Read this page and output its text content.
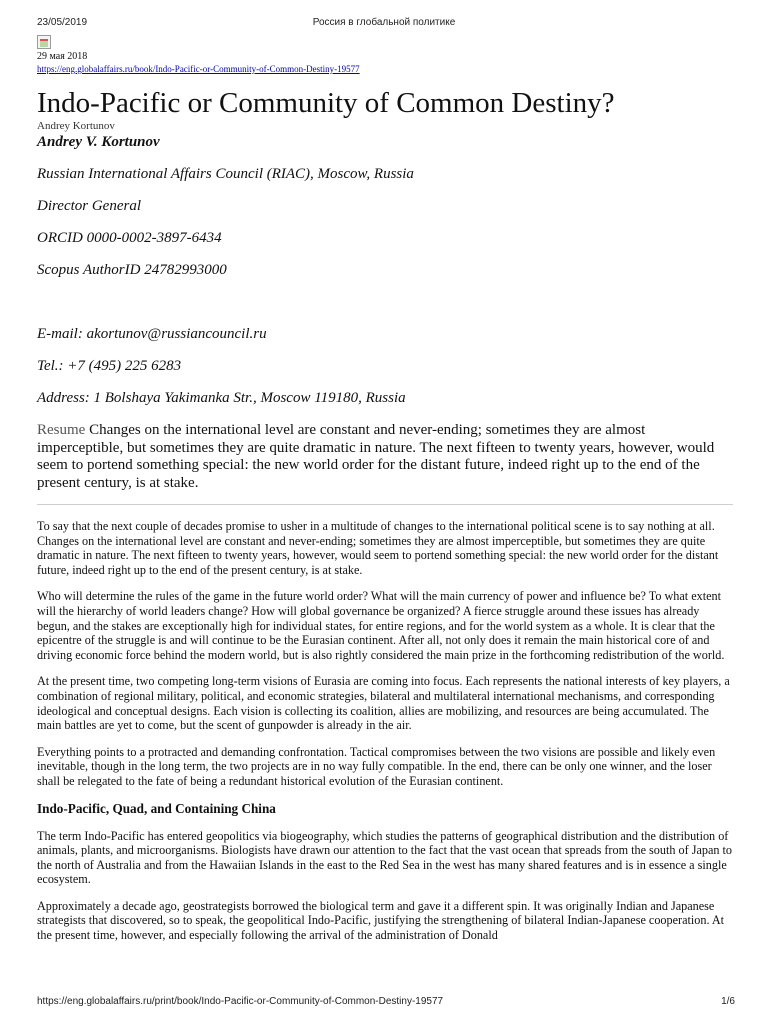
23/05/2019	Россия в глобальной политике
29 мая 2018
https://eng.globalaffairs.ru/book/Indo-Pacific-or-Community-of-Common-Destiny-19577
Indo-Pacific or Community of Common Destiny?
Andrey Kortunov
Andrey V. Kortunov

Russian International Affairs Council (RIAC), Moscow, Russia

Director General

ORCID 0000-0002-3897-6434

Scopus AuthorID 24782993000

E-mail: akortunov@russiancouncil.ru

Tel.: +7 (495) 225 6283

Address: 1 Bolshaya Yakimanka Str., Moscow 119180, Russia

Resume Changes on the international level are constant and never-ending; sometimes they are almost imperceptible, but sometimes they are quite dramatic in nature. The next fifteen to twenty years, however, would seem to portend something special: the new world order for the distant future, indeed right up to the end of the present century, is at stake.

To say that the next couple of decades promise to usher in a multitude of changes to the international political scene is to say nothing at all. Changes on the international level are constant and never-ending; sometimes they are almost imperceptible, but sometimes they are quite dramatic in nature. The next fifteen to twenty years, however, would seem to portend something special: the new world order for the distant future, indeed right up to the end of the present century, is at stake.

Who will determine the rules of the game in the future world order? What will the main currency of power and influence be? To what extent will the hierarchy of world leaders change? How will global governance be organized? A fierce struggle around these issues has already begun, and the stakes are exceptionally high for individual states, for entire regions, and for the world system as a whole. It is clear that the epicentre of the struggle is and will continue to be the Eurasian continent. After all, not only does it remain the main historical core of and driving economic force behind the modern world, but is also rightly considered the main prize in the forthcoming redistribution of the world.

At the present time, two competing long-term visions of Eurasia are coming into focus. Each represents the national interests of key players, a combination of regional military, political, and economic strategies, bilateral and multilateral international mechanisms, and corresponding ideological and conceptual designs. Each vision is collecting its coalition, allies are mobilizing, and resources are being accumulated. The main battles are yet to come, but the scent of gunpowder is already in the air.

Everything points to a protracted and demanding confrontation. Tactical compromises between the two visions are possible and likely even inevitable, though in the long term, the two projects are in no way fully compatible. In the end, there can be only one winner, and the loser shall be relegated to the fate of being a redundant historical evolution of the Eurasian continent.

Indo-Pacific, Quad, and Containing China

The term Indo-Pacific has entered geopolitics via biogeography, which studies the patterns of geographical distribution and the distribution of animals, plants, and microorganisms. Biologists have drawn our attention to the fact that the vast ocean that spreads from the south of Japan to the north of Australia and from the Hawaiian Islands in the east to the Red Sea in the west has many shared features and is in essence a single ecosystem.

Approximately a decade ago, geostrategists borrowed the biological term and gave it a different spin. It was originally Indian and Japanese strategists that discovered, so to speak, the geopolitical Indo-Pacific, justifying the strengthening of bilateral Indian-Japanese cooperation. At the present time, however, and especially following the arrival of the administration of Donald

https://eng.globalaffairs.ru/print/book/Indo-Pacific-or-Community-of-Common-Destiny-19577	1/6
